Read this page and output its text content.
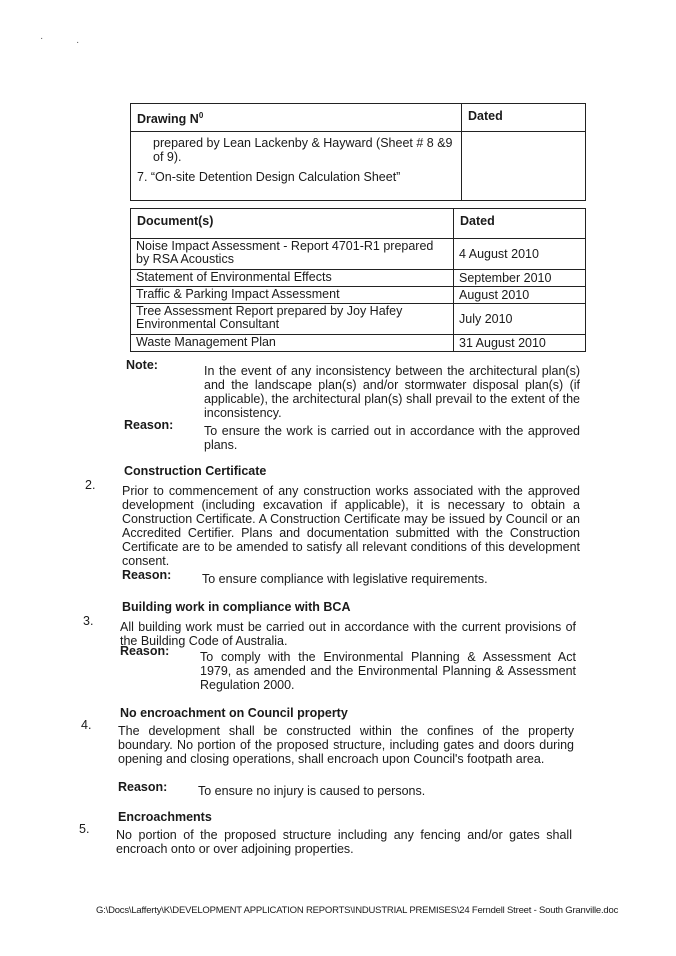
·	·
Drawing $N^0$	Dated

prepared by Lean Lackenby & Hayward (Sheet # 8 &9 of 9).

7. “On-site Detention Design Calculation Sheet”	

Document(s)	Dated
Noise Impact Assessment - Report 4701-R1 prepared by RSA Acoustics	4 August 2010
Statement of Environmental Effects	September 2010
Traffic & Parking Impact Assessment	August 2010
Tree Assessment Report prepared by Joy Hafey Environmental Consultant	July 2010
Waste Management Plan	31 August 2010
Note:	In the event of any inconsistency between the architectural plan(s) and the landscape plan(s) and/or stormwater disposal plan(s) (if applicable), the architectural plan(s) shall prevail to the extent of the inconsistency.
Reason: To ensure the work is carried out in accordance with the approved plans.
Construction Certificate
2. Prior to commencement of any construction works associated with the approved development (including excavation if applicable), it is necessary to obtain a Construction Certificate. A Construction Certificate may be issued by Council or an Accredited Certifier. Plans and documentation submitted with the Construction Certificate are to be amended to satisfy all relevant conditions of this development consent.
Reason: To ensure compliance with legislative requirements.
Building work in compliance with BCA
3. All building work must be carried out in accordance with the current provisions of the Building Code of Australia.
Reason: To comply with the Environmental Planning & Assessment Act 1979, as amended and the Environmental Planning & Assessment Regulation 2000.
No encroachment on Council property
4. The development shall be constructed within the confines of the property boundary. No portion of the proposed structure, including gates and doors during opening and closing operations, shall encroach upon Council's footpath area.
Reason: To ensure no injury is caused to persons.
Encroachments
5. No portion of the proposed structure including any fencing and/or gates shall encroach onto or over adjoining properties.
G:\Docs\Lafferty\K\DEVELOPMENT APPLICATION REPORTS\INDUSTRIAL PREMISES\24 Ferndell Street - South Granville.doc
